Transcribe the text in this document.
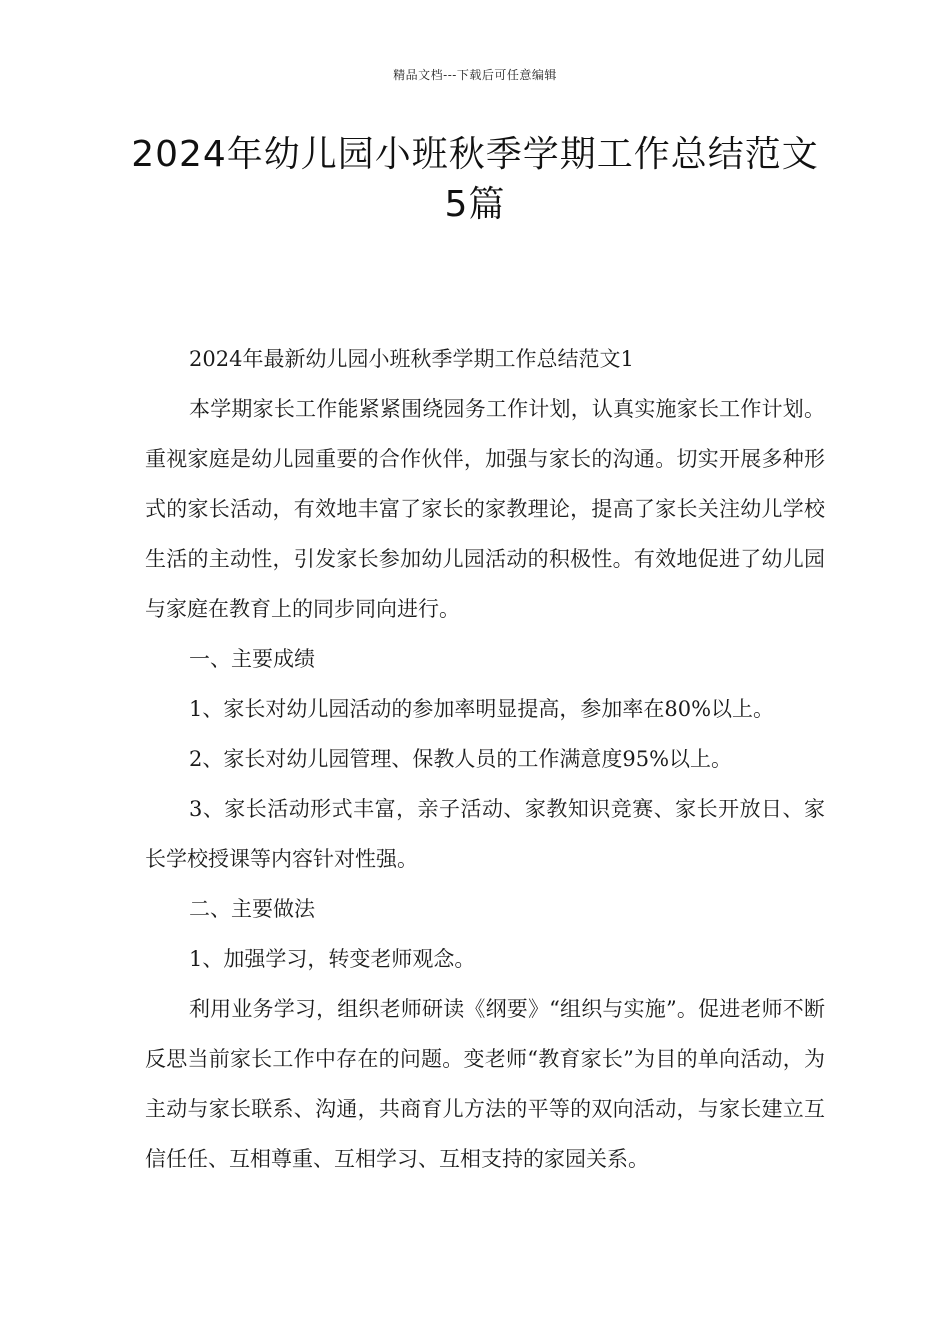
精品文档---下载后可任意编辑
2024年幼儿园小班秋季学期工作总结范文5篇

2024年最新幼儿园小班秋季学期工作总结范文1

本学期家长工作能紧紧围绕园务工作计划，认真实施家长工作计划。重视家庭是幼儿园重要的合作伙伴，加强与家长的沟通。切实开展多种形式的家长活动，有效地丰富了家长的家教理论，提高了家长关注幼儿学校生活的主动性，引发家长参加幼儿园活动的积极性。有效地促进了幼儿园与家庭在教育上的同步同向进行。

一、主要成绩

1、家长对幼儿园活动的参加率明显提高，参加率在80%以上。

2、家长对幼儿园管理、保教人员的工作满意度95%以上。

3、家长活动形式丰富，亲子活动、家教知识竞赛、家长开放日、家长学校授课等内容针对性强。

二、主要做法

1、加强学习，转变老师观念。

利用业务学习，组织老师研读《纲要》“组织与实施”。促进老师不断反思当前家长工作中存在的问题。变老师“教育家长”为目的单向活动，为主动与家长联系、沟通，共商育儿方法的平等的双向活动，与家长建立互信任任、互相尊重、互相学习、互相支持的家园关系。
